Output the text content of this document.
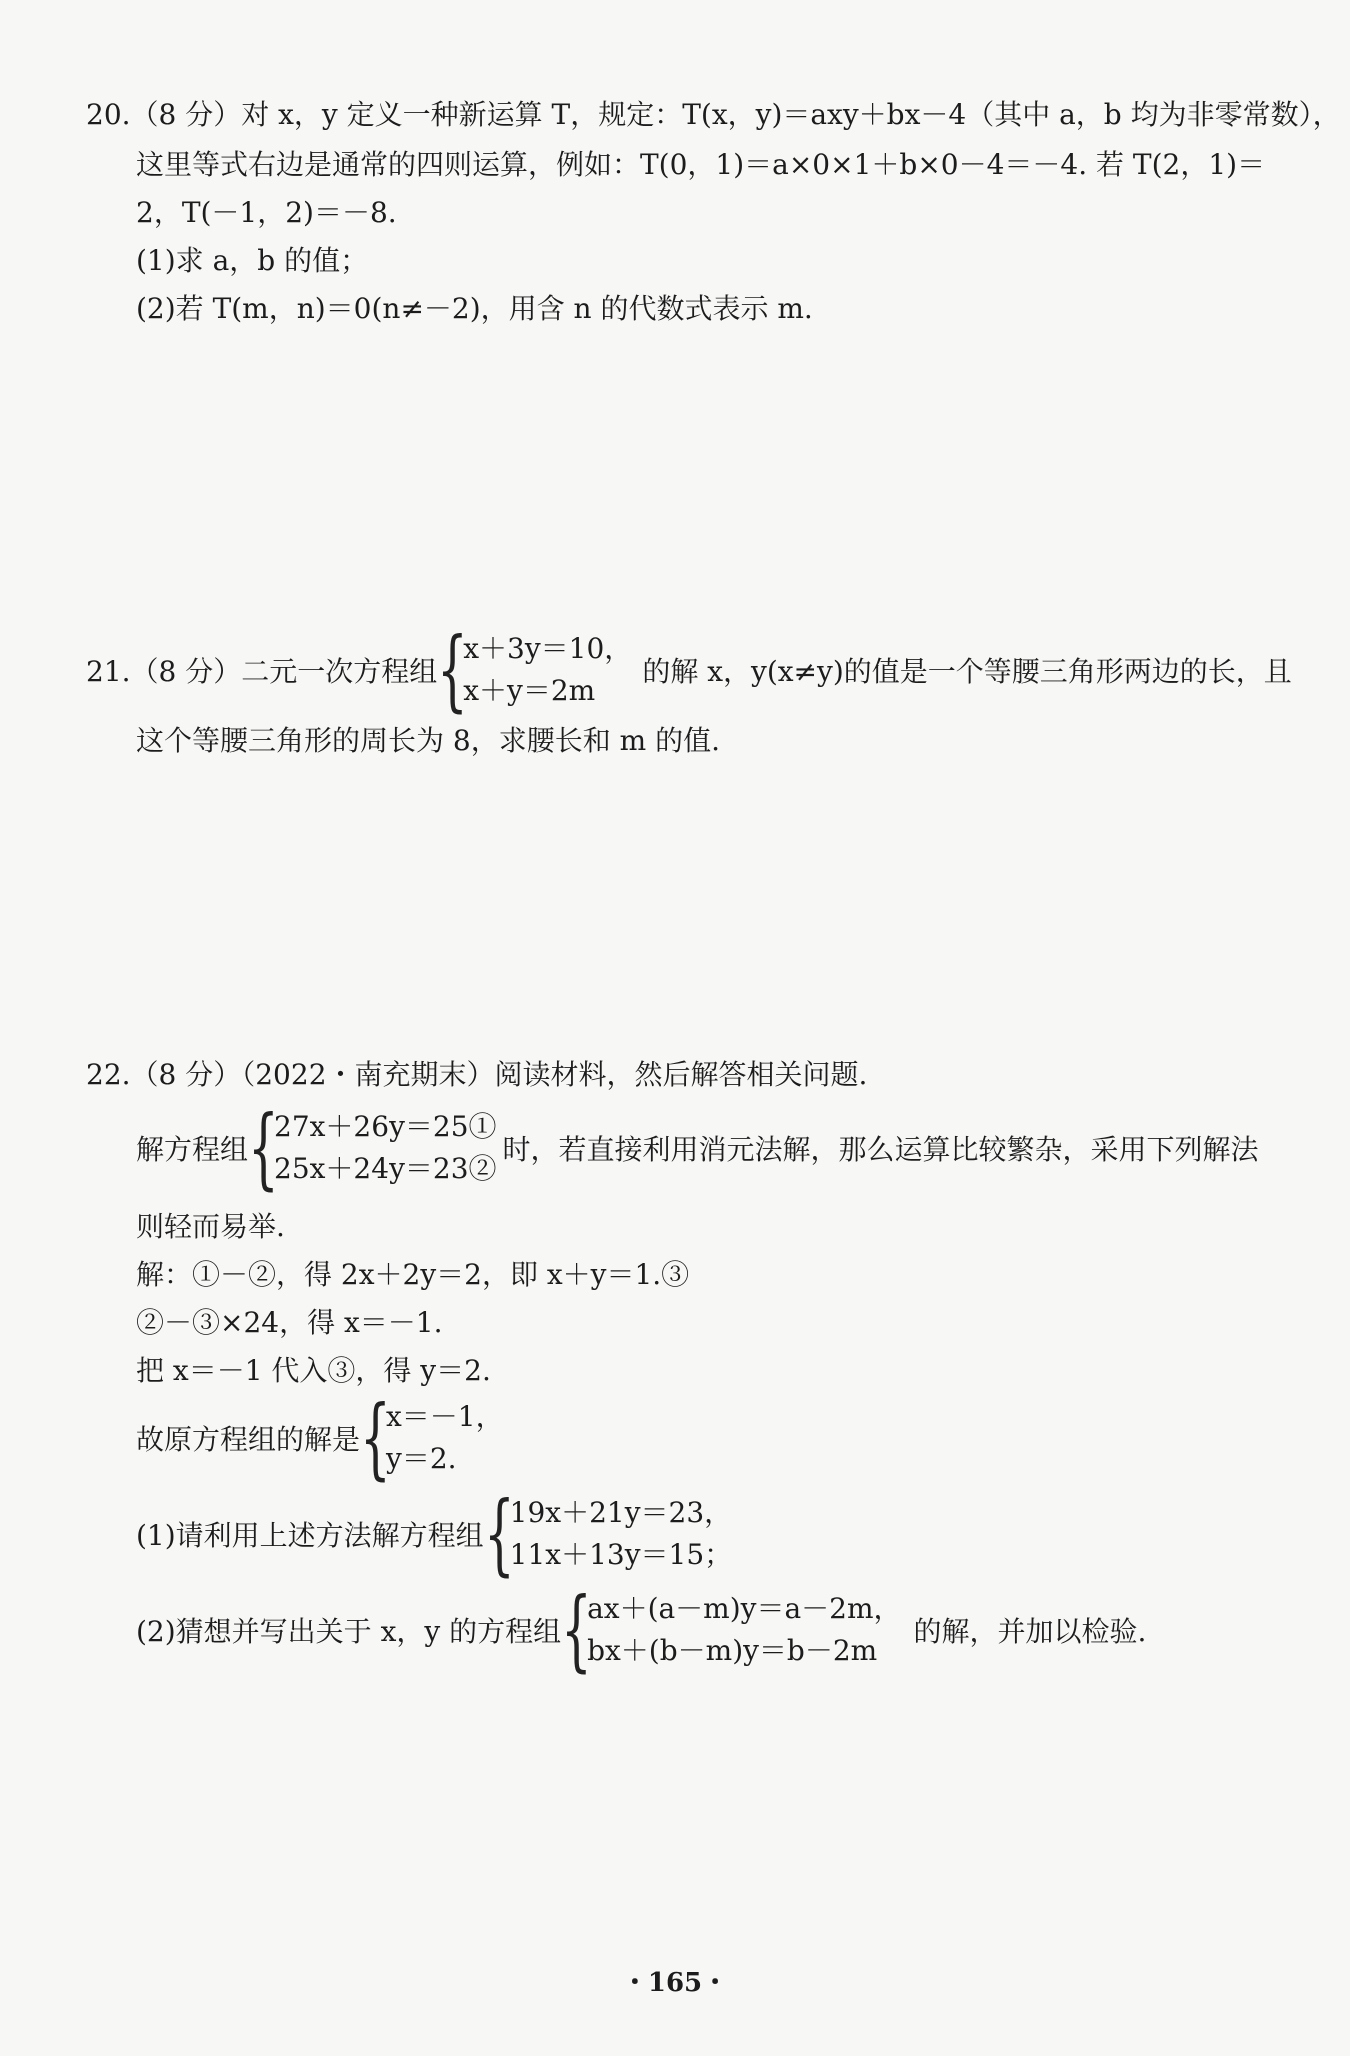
20.（8 分）对 x，y 定义一种新运算 T，规定：T(x，y)＝axy＋bx－4（其中 a，b 均为非零常数），
这里等式右边是通常的四则运算，例如：T(0，1)＝a×0×1＋b×0－4＝－4. 若 T(2，1)＝
2，T(－1，2)＝－8.
(1)求 a，b 的值；
(2)若 T(m，n)＝0(n≠－2)，用含 n 的代数式表示 m.
21.（8 分）二元一次方程组 {
x＋3y＝10，
x＋y＝2m
的解 x，y(x≠y)的值是一个等腰三角形两边的长，且
这个等腰三角形的周长为 8，求腰长和 m 的值.
22.（8 分）（2022・南充期末）阅读材料，然后解答相关问题.
解方程组 {
27x＋26y＝25①
25x＋24y＝23②
时，若直接利用消元法解，那么运算比较繁杂，采用下列解法
则轻而易举.
解：①－②，得 2x＋2y＝2，即 x＋y＝1.③
②－③×24，得 x＝－1.
把 x＝－1 代入③，得 y＝2.
故原方程组的解是 {
x＝－1，
y＝2.
(1)请利用上述方法解方程组 {
19x＋21y＝23，
11x＋13y＝15；
(2)猜想并写出关于 x，y 的方程组 {
ax＋(a－m)y＝a－2m，
bx＋(b－m)y＝b－2m
的解，并加以检验.
・165・
